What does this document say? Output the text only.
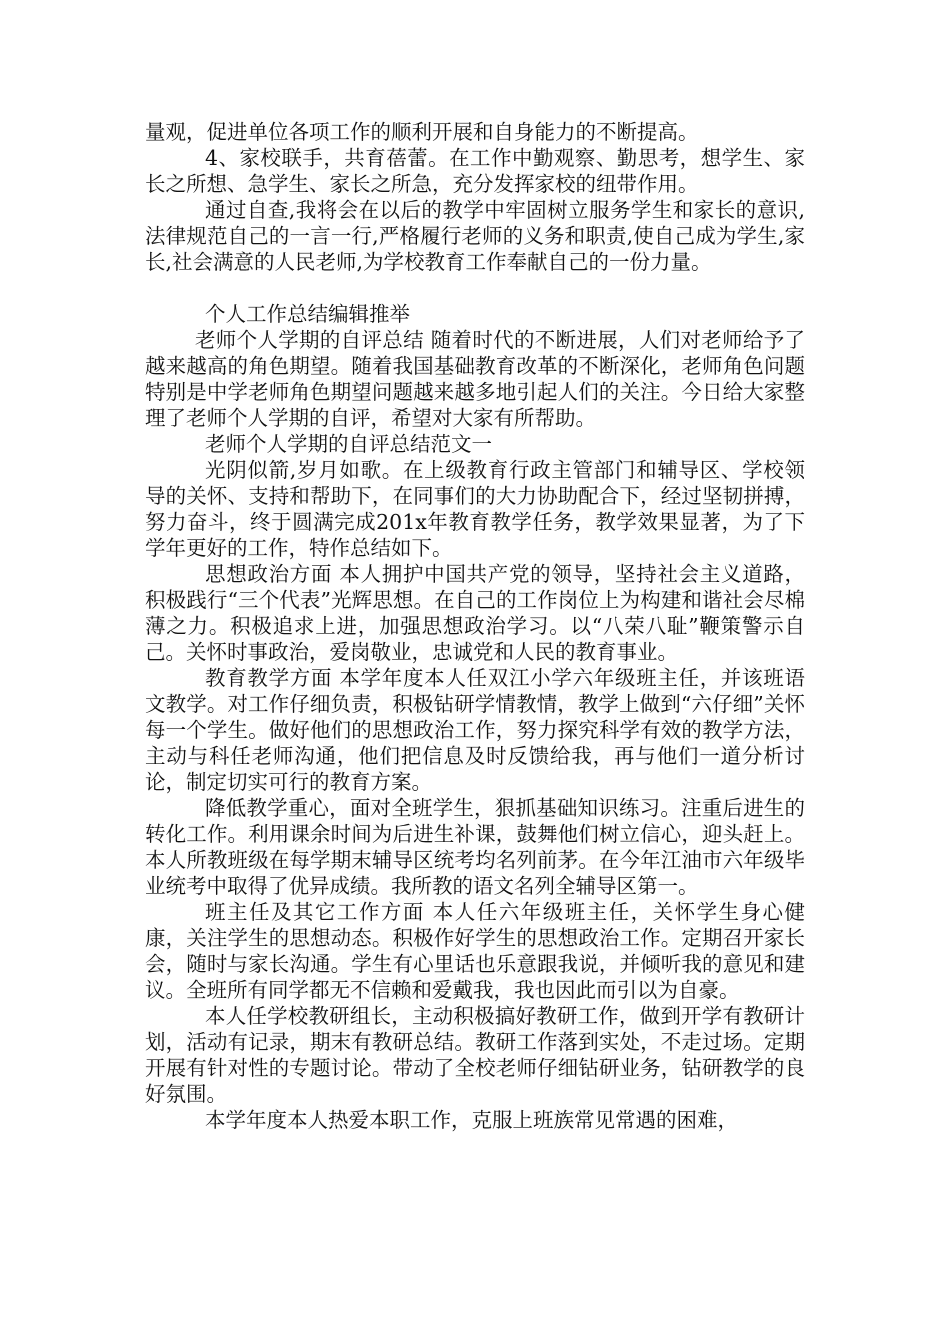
量观，促进单位各项工作的顺利开展和自身能力的不断提高。

4、家校联手，共育蓓蕾。在工作中勤观察、勤思考，想学生、家长之所想、急学生、家长之所急，充分发挥家校的纽带作用。

通过自查,我将会在以后的教学中牢固树立服务学生和家长的意识,法律规范自己的一言一行,严格履行老师的义务和职责,使自己成为学生,家长,社会满意的人民老师,为学校教育工作奉献自己的一份力量。

个人工作总结编辑推举

老师个人学期的自评总结 随着时代的不断进展，人们对老师给予了越来越高的角色期望。随着我国基础教育改革的不断深化，老师角色问题特别是中学老师角色期望问题越来越多地引起人们的关注。今日给大家整理了老师个人学期的自评，希望对大家有所帮助。

老师个人学期的自评总结范文一

光阴似箭,岁月如歌。在上级教育行政主管部门和辅导区、学校领导的关怀、支持和帮助下，在同事们的大力协助配合下，经过坚韧拼搏，努力奋斗，终于圆满完成201x年教育教学任务，教学效果显著，为了下学年更好的工作，特作总结如下。

思想政治方面 本人拥护中国共产党的领导，坚持社会主义道路，积极践行“三个代表”光辉思想。在自己的工作岗位上为构建和谐社会尽棉薄之力。积极追求上进，加强思想政治学习。以“八荣八耻”鞭策警示自己。关怀时事政治，爱岗敬业，忠诚党和人民的教育事业。

教育教学方面 本学年度本人任双江小学六年级班主任，并该班语文教学。对工作仔细负责，积极钻研学情教情，教学上做到“六仔细”关怀每一个学生。做好他们的思想政治工作，努力探究科学有效的教学方法，主动与科任老师沟通，他们把信息及时反馈给我，再与他们一道分析讨论，制定切实可行的教育方案。

降低教学重心，面对全班学生，狠抓基础知识练习。注重后进生的转化工作。利用课余时间为后进生补课，鼓舞他们树立信心，迎头赶上。本人所教班级在每学期末辅导区统考均名列前茅。在今年江油市六年级毕业统考中取得了优异成绩。我所教的语文名列全辅导区第一。

班主任及其它工作方面 本人任六年级班主任，关怀学生身心健康，关注学生的思想动态。积极作好学生的思想政治工作。定期召开家长会，随时与家长沟通。学生有心里话也乐意跟我说，并倾听我的意见和建议。全班所有同学都无不信赖和爱戴我，我也因此而引以为自豪。

本人任学校教研组长，主动积极搞好教研工作，做到开学有教研计划，活动有记录，期末有教研总结。教研工作落到实处，不走过场。定期开展有针对性的专题讨论。带动了全校老师仔细钻研业务，钻研教学的良好氛围。

本学年度本人热爱本职工作，克服上班族常见常遇的困难，
